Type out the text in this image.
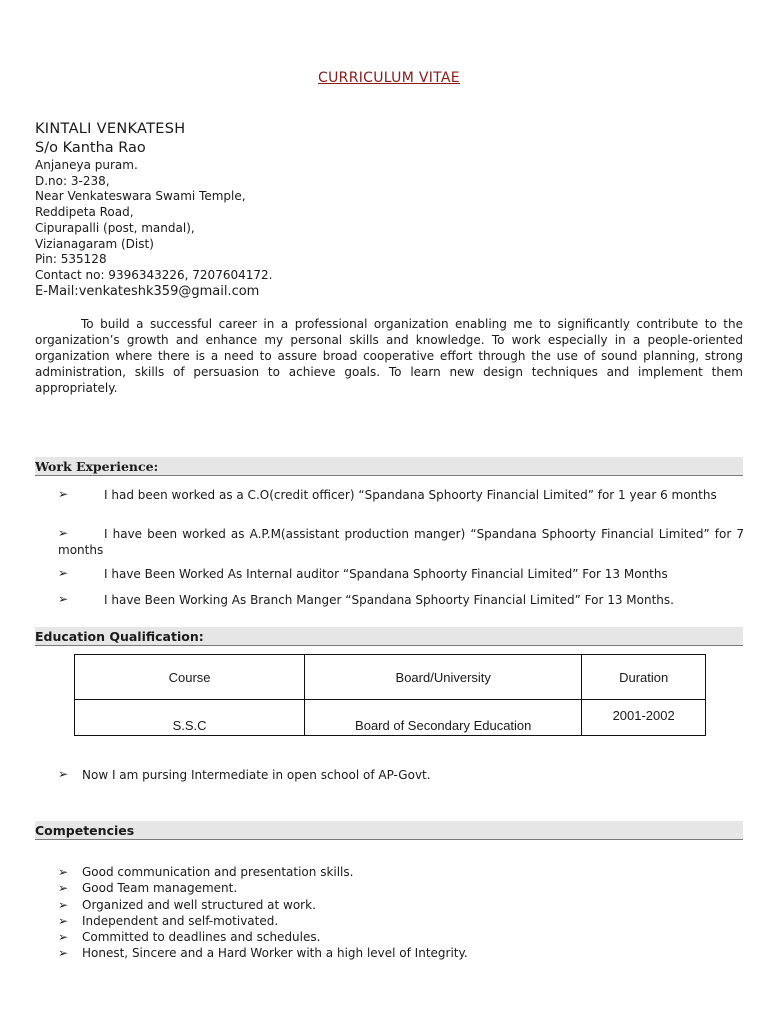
CURRICULUM VITAE
KINTALI VENKATESH
S/o Kantha Rao
Anjaneya puram.
D.no: 3-238,
Near Venkateswara Swami Temple,
Reddipeta Road,
Cipurapalli (post, mandal),
Vizianagaram (Dist)
Pin: 535128
Contact no: 9396343226, 7207604172.
E-Mail:venkateshk359@gmail.com

To build a successful career in a professional organization enabling me to significantly contribute to the organization’s growth and enhance my personal skills and knowledge. To work especially in a people-oriented organization where there is a need to assure broad cooperative effort through the use of sound planning, strong administration, skills of persuasion to achieve goals. To learn new design techniques and implement them appropriately.

Work Experience:
➢	I had been worked as a C.O(credit officer) “Spandana Sphoorty Financial Limited” for 1 year 6 months
➢	I have been worked as A.P.M(assistant production manger) “Spandana Sphoorty Financial Limited” for 7 months
➢	I have Been Worked As Internal auditor “Spandana Sphoorty Financial Limited” For 13 Months
➢	I have Been Working As Branch Manger “Spandana Sphoorty Financial Limited” For 13 Months.
Education Qualification:
Course	Board/University	Duration
S.S.C	Board of Secondary Education	2001-2002
➢ Now I am pursing Intermediate in open school of AP-Govt.
Competencies
➢ Good communication and presentation skills.
➢ Good Team management.
➢ Organized and well structured at work.
➢ Independent and self-motivated.
➢ Committed to deadlines and schedules.
➢ Honest, Sincere and a Hard Worker with a high level of Integrity.
